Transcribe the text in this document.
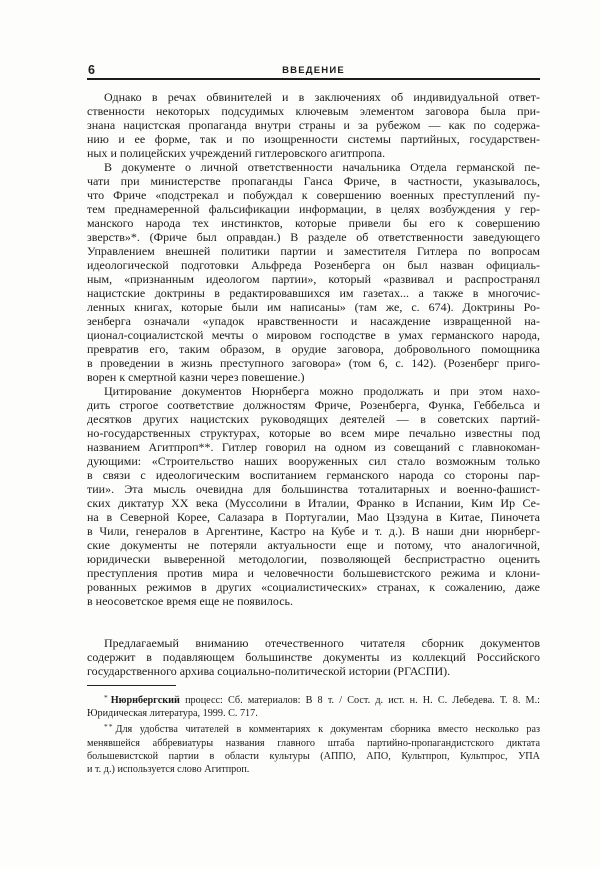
6	ВВЕДЕНИЕ
Однако в речах обвинителей и в заключениях об индивидуальной ответ-
ственности некоторых подсудимых ключевым элементом заговора была при-
знана нацистская пропаганда внутри страны и за рубежом — как по содержа-
нию и ее форме, так и по изощренности системы партийных, государствен-
ных и полицейских учреждений гитлеровского агитпропа.
В документе о личной ответственности начальника Отдела германской пе-
чати при министерстве пропаганды Ганса Фриче, в частности, указывалось,
что Фриче «подстрекал и побуждал к совершению военных преступлений пу-
тем преднамеренной фальсификации информации, в целях возбуждения у гер-
манского народа тех инстинктов, которые привели бы его к совершению
зверств»*. (Фриче был оправдан.) В разделе об ответственности заведующего
Управлением внешней политики партии и заместителя Гитлера по вопросам
идеологической подготовки Альфреда Розенберга он был назван официаль-
ным, «признанным идеологом партии», который «развивал и распространял
нацистские доктрины в редактировавшихся им газетах... а также в многочис-
ленных книгах, которые были им написаны» (там же, с. 674). Доктрины Ро-
зенберга означали «упадок нравственности и насаждение извращенной на-
ционал-социалистской мечты о мировом господстве в умах германского народа,
превратив его, таким образом, в орудие заговора, добровольного помощника
в проведении в жизнь преступного заговора» (том 6, с. 142). (Розенберг приго-
ворен к смертной казни через повешение.)
Цитирование документов Нюрнберга можно продолжать и при этом нахо-
дить строгое соответствие должностям Фриче, Розенберга, Функа, Геббельса и
десятков других нацистских руководящих деятелей — в советских партий-
но-государственных структурах, которые во всем мире печально известны под
названием Агитпроп**. Гитлер говорил на одном из совещаний с главнокоман-
дующими: «Строительство наших вооруженных сил стало возможным только
в связи с идеологическим воспитанием германского народа со стороны пар-
тии». Эта мысль очевидна для большинства тоталитарных и военно-фашист-
ских диктатур XX века (Муссолини в Италии, Франко в Испании, Ким Ир Се-
на в Северной Корее, Салазара в Португалии, Мао Цзэдуна в Китае, Пиночета
в Чили, генералов в Аргентине, Кастро на Кубе и т. д.). В наши дни нюрнберг-
ские документы не потеряли актуальности еще и потому, что аналогичной,
юридически выверенной методологии, позволяющей беспристрастно оценить
преступления против мира и человечности большевистского режима и клони-
рованных режимов в других «социалистических» странах, к сожалению, даже
в неосоветское время еще не появилось.
Предлагаемый вниманию отечественного читателя сборник документов
содержит в подавляющем большинстве документы из коллекций Российского
государственного архива социально-политической истории (РГАСПИ).
* Нюрнбергский процесс: Сб. материалов: В 8 т. / Сост. д. ист. н. Н. С. Лебедева. Т. 8. М.:
Юридическая литература, 1999. С. 717.
** Для удобства читателей в комментариях к документам сборника вместо несколько раз
менявшейся аббревиатуры названия главного штаба партийно-пропагандистского диктата
большевистской партии в области культуры (АППО, АПО, Культпроп, Культпрос, УПА
и т. д.) используется слово Агитпроп.
